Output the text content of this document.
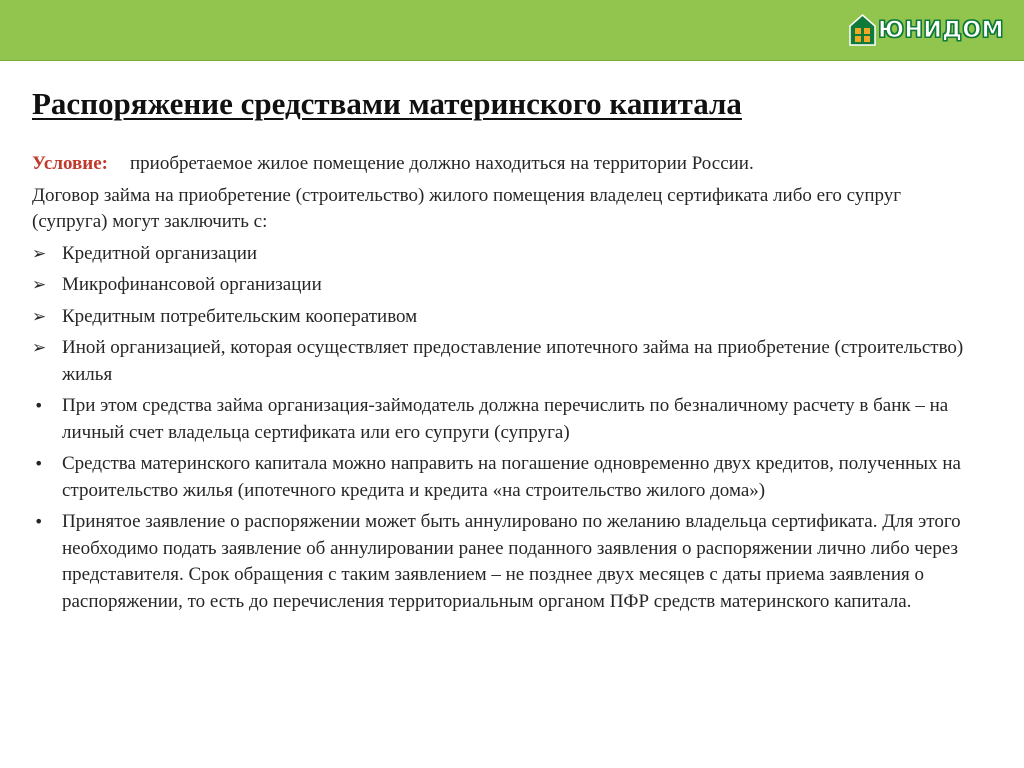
ЮНИДОМ
Распоряжение средствами материнского капитала

Условие: приобретаемое жилое помещение должно находиться на территории России.

Договор займа на приобретение (строительство) жилого помещения владелец сертификата либо его супруг (супруга) могут заключить с:

➢ Кредитной организации
➢ Микрофинансовой организации
➢ Кредитным потребительским кооперативом
➢ Иной организацией, которая осуществляет предоставление ипотечного займа на приобретение (строительство) жилья
• При этом средства займа организация-займодатель должна перечислить по безналичному расчету в банк – на личный счет владельца сертификата или его супруги (супруга)
• Средства материнского капитала можно направить на погашение одновременно двух кредитов, полученных на строительство жилья (ипотечного кредита и кредита «на строительство жилого дома»)
• Принятое заявление о распоряжении может быть аннулировано по желанию владельца сертификата. Для этого необходимо подать заявление об аннулировании ранее поданного заявления о распоряжении лично либо через представителя. Срок обращения с таким заявлением – не позднее двух месяцев с даты приема заявления о распоряжении, то есть до перечисления территориальным органом ПФР средств материнского капитала.
